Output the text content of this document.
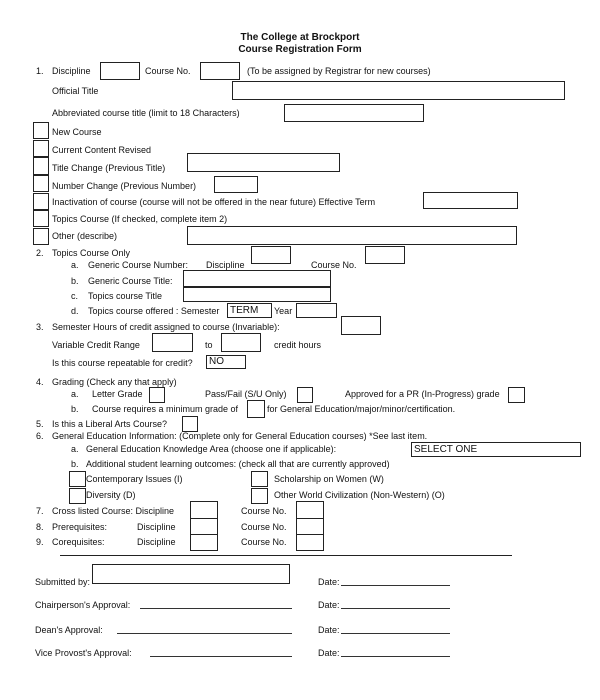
The College at Brockport
Course Registration Form
1. Discipline	Course No.	(To be assigned by Registrar for new courses)
Official Title
Abbreviated course title (limit to 18 Characters)
New Course
Current Content Revised
Title Change (Previous Title)
Number Change (Previous Number)
Inactivation of course (course will not be offered in the near future) Effective Term
Topics Course (If checked, complete item 2)
Other (describe)
2. Topics Course Only
a. Generic Course Number: Discipline	Course No.
b. Generic Course Title:
c. Topics course Title
d. Topics course offered : Semester	TERM	Year
3. Semester Hours of credit assigned to course (Invariable):
Variable Credit Range	to	credit hours
Is this course repeatable for credit?	NO
4. Grading (Check any that apply)
a. Letter Grade	Pass/Fail (S/U Only)	Approved for a PR (In-Progress) grade
b. Course requires a minimum grade of	for General Education/major/minor/certification.
5. Is this a Liberal Arts Course?
6. General Education Information: (Complete only for General Education courses) *See last item.
a. General Education Knowledge Area (choose one if applicable):	SELECT ONE
b. Additional student learning outcomes: (check all that are currently approved)
Contemporary Issues (I)	Scholarship on Women (W)
Diversity (D)	Other World Civilization (Non-Western) (O)
7. Cross listed Course: Discipline	Course No.
8. Prerequisites:	Discipline	Course No.
9. Corequisites:	Discipline	Course No.
Submitted by:	Date:
Chairperson's Approval:	Date:
Dean's Approval:	Date:
Vice Provost's Approval:	Date:
